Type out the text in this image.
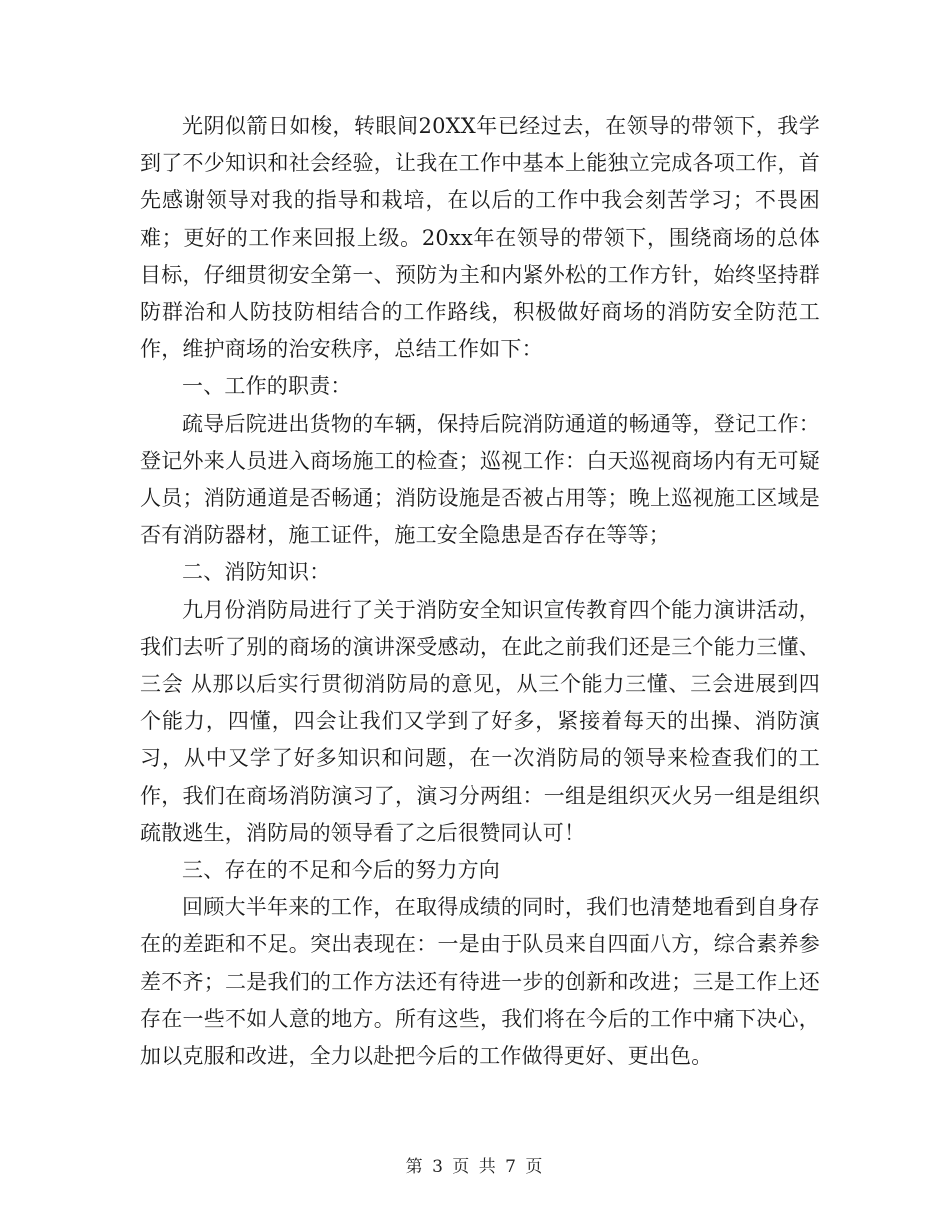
光阴似箭日如梭，转眼间20XX年已经过去，在领导的带领下，我学到了不少知识和社会经验，让我在工作中基本上能独立完成各项工作，首先感谢领导对我的指导和栽培，在以后的工作中我会刻苦学习；不畏困难；更好的工作来回报上级。20xx年在领导的带领下，围绕商场的总体目标，仔细贯彻安全第一、预防为主和内紧外松的工作方针，始终坚持群防群治和人防技防相结合的工作路线，积极做好商场的消防安全防范工作，维护商场的治安秩序，总结工作如下：

一、工作的职责：

疏导后院进出货物的车辆，保持后院消防通道的畅通等，登记工作：登记外来人员进入商场施工的检查；巡视工作：白天巡视商场内有无可疑人员；消防通道是否畅通；消防设施是否被占用等；晚上巡视施工区域是否有消防器材，施工证件，施工安全隐患是否存在等等；

二、消防知识：

九月份消防局进行了关于消防安全知识宣传教育四个能力演讲活动，我们去听了别的商场的演讲深受感动，在此之前我们还是三个能力三懂、三会 从那以后实行贯彻消防局的意见，从三个能力三懂、三会进展到四个能力，四懂，四会让我们又学到了好多，紧接着每天的出操、消防演习，从中又学了好多知识和问题，在一次消防局的领导来检查我们的工作，我们在商场消防演习了，演习分两组：一组是组织灭火另一组是组织疏散逃生，消防局的领导看了之后很赞同认可！

三、存在的不足和今后的努力方向

回顾大半年来的工作，在取得成绩的同时，我们也清楚地看到自身存在的差距和不足。突出表现在：一是由于队员来自四面八方，综合素养参差不齐；二是我们的工作方法还有待进一步的创新和改进；三是工作上还存在一些不如人意的地方。所有这些，我们将在今后的工作中痛下决心，加以克服和改进，全力以赴把今后的工作做得更好、更出色。

第 3 页 共 7 页
